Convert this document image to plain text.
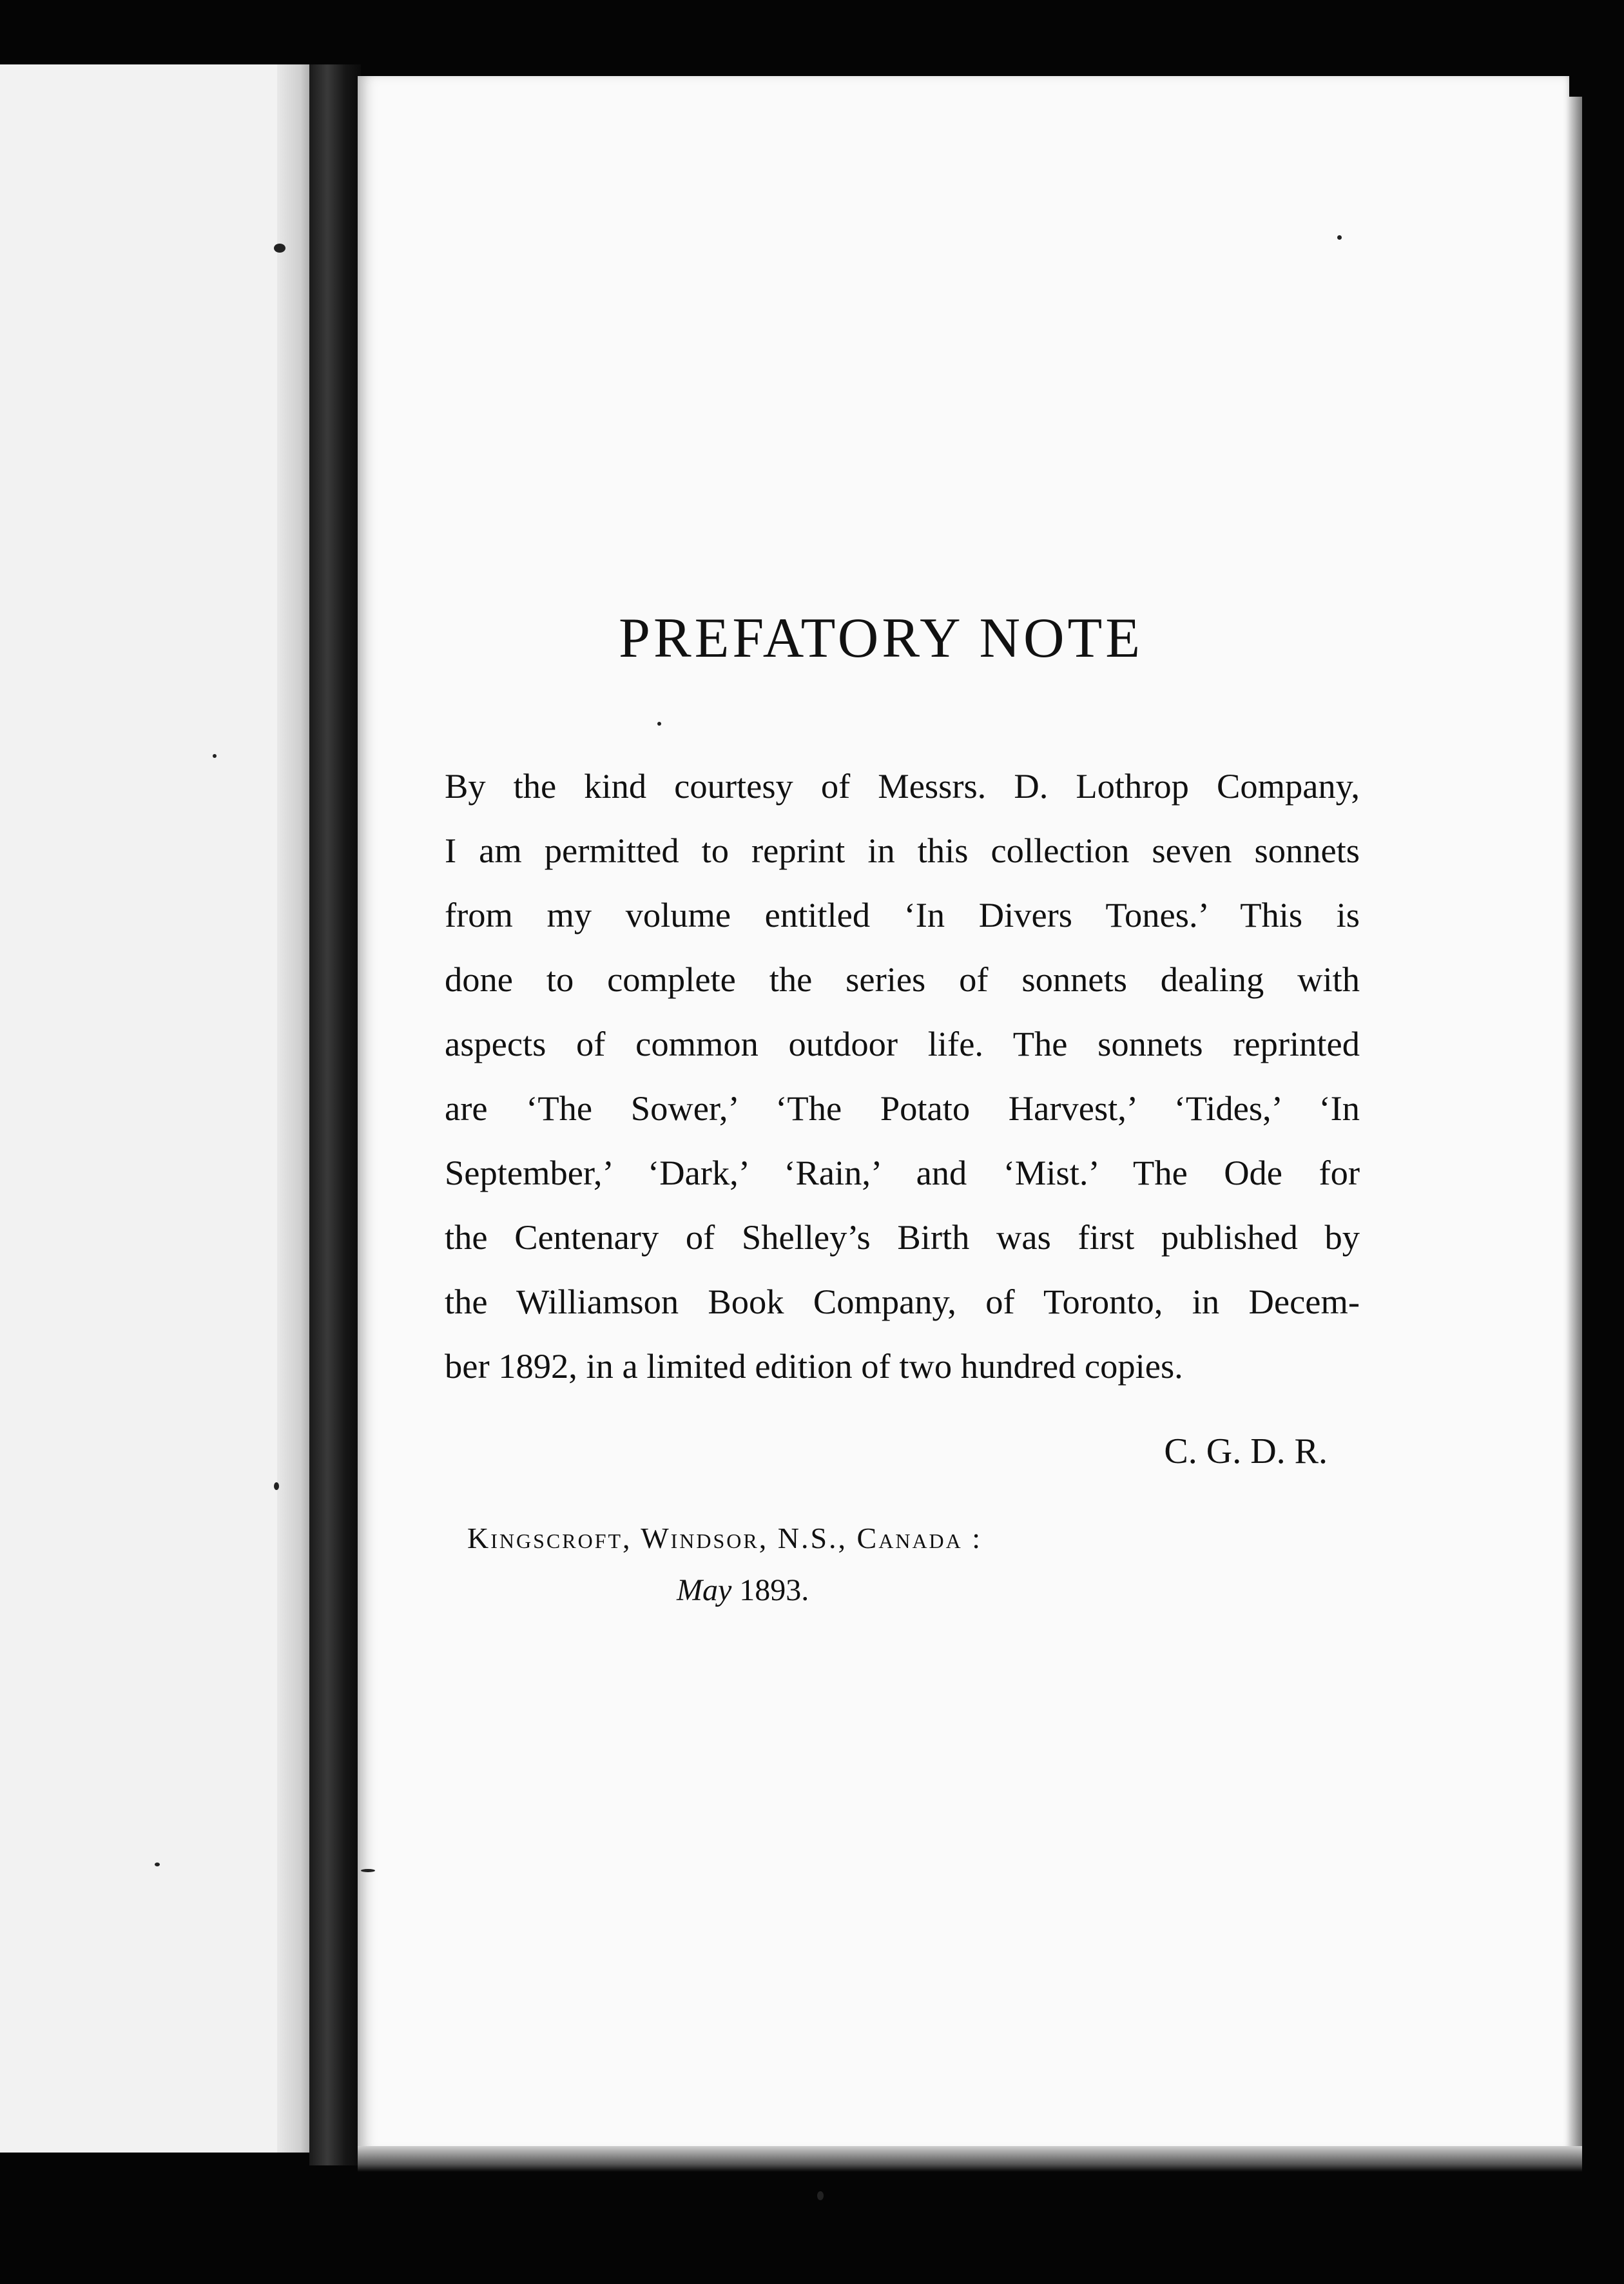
PREFATORY NOTE
By the kind courtesy of Messrs. D. Lothrop Company,
I am permitted to reprint in this collection seven sonnets
from my volume entitled ‘In Divers Tones.’ This is
done to complete the series of sonnets dealing with
aspects of common outdoor life. The sonnets reprinted
are ‘The Sower,’ ‘The Potato Harvest,’ ‘Tides,’ ‘In
September,’ ‘Dark,’ ‘Rain,’ and ‘Mist.’ The Ode for
the Centenary of Shelley’s Birth was first published by
the Williamson Book Company, of Toronto, in Decem-
ber 1892, in a limited edition of two hundred copies.
C. G. D. R.
Kingscroft, Windsor, N.S., Canada :
May 1893.
